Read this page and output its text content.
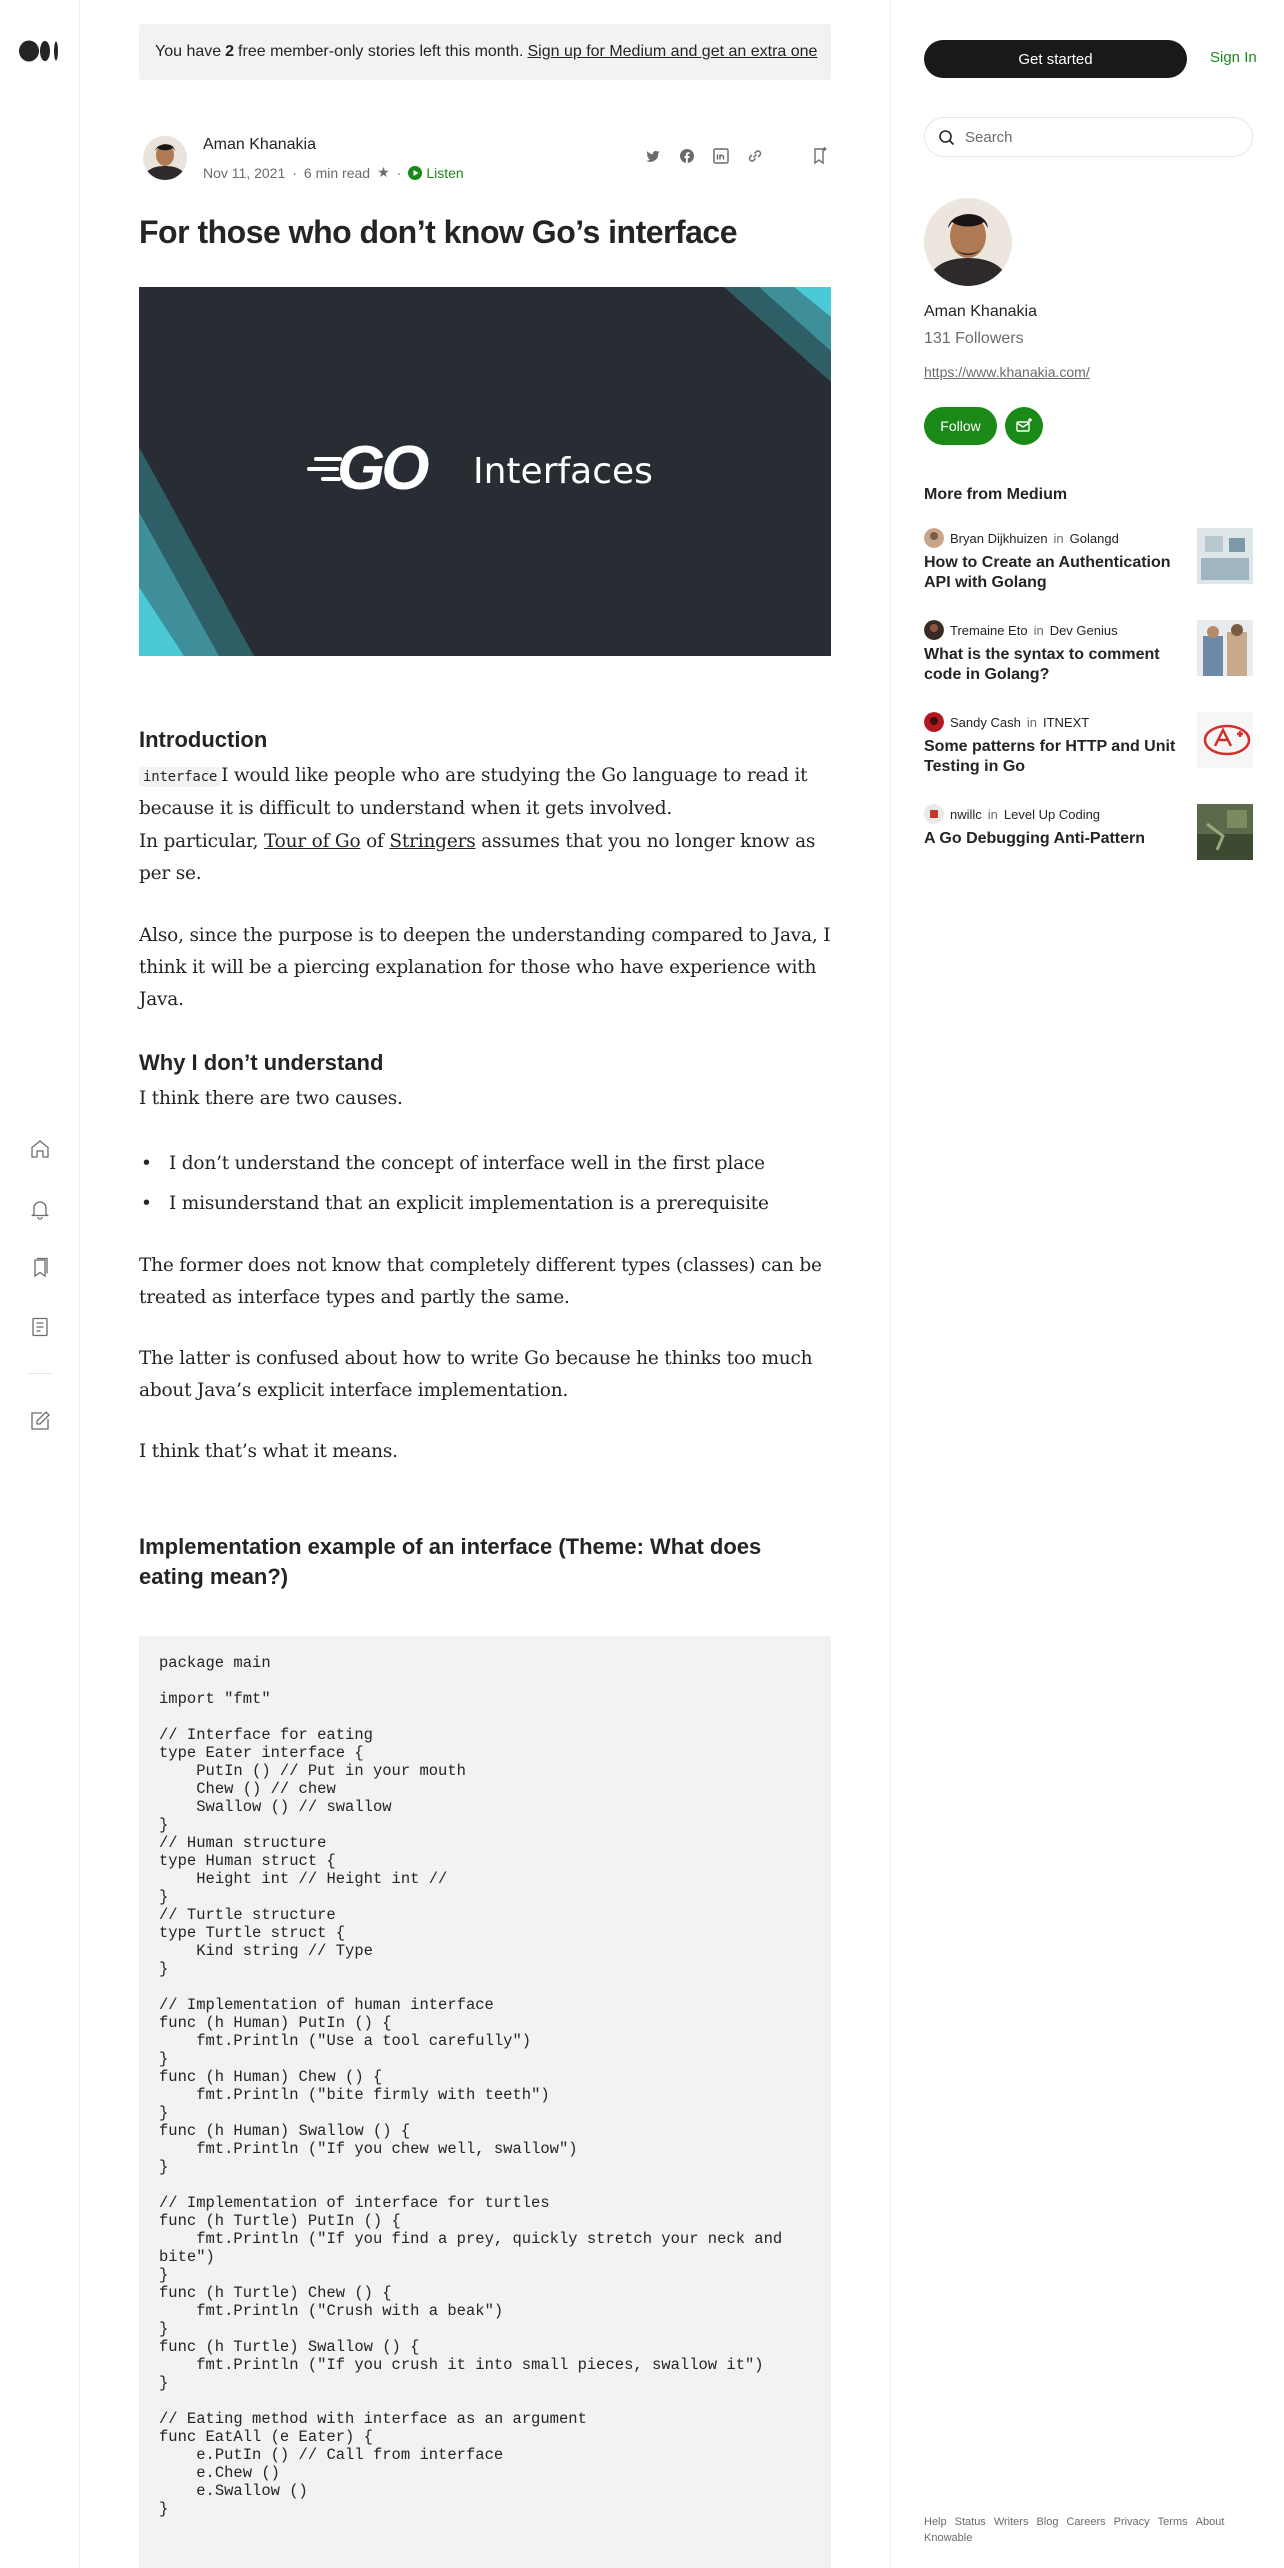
You have 2 free member-only stories left this month. Sign up for Medium and get an extra one
Aman Khanakia
Nov 11, 2021 · 6 min read ★ · Listen
For those who don’t know Go’s interface
GO Interfaces
Introduction

interface I would like people who are studying the Go language to read it because it is difficult to understand when it gets involved.

In particular, Tour of Go of Stringers assumes that you no longer know as per se.

Also, since the purpose is to deepen the understanding compared to Java, I think it will be a piercing explanation for those who have experience with Java.

Why I don’t understand

I think there are two causes.

• I don’t understand the concept of interface well in the first place
• I misunderstand that an explicit implementation is a prerequisite

The former does not know that completely different types (classes) can be treated as interface types and partly the same.

The latter is confused about how to write Go because he thinks too much about Java’s explicit interface implementation.

I think that’s what it means.

Implementation example of an interface (Theme: What does eating mean?)
package main

import "fmt"

// Interface for eating
type Eater interface {
PutIn () // Put in your mouth
Chew () // chew
Swallow () // swallow
}
// Human structure
type Human struct {
Height int // Height int //
}
// Turtle structure
type Turtle struct {
Kind string // Type
}

// Implementation of human interface
func (h Human) PutIn () {
fmt.Println ("Use a tool carefully")
}
func (h Human) Chew () {
fmt.Println ("bite firmly with teeth")
}
func (h Human) Swallow () {
fmt.Println ("If you chew well, swallow")
}

// Implementation of interface for turtles
func (h Turtle) PutIn () {
fmt.Println ("If you find a prey, quickly stretch your neck and bite")
}
func (h Turtle) Chew () {
fmt.Println ("Crush with a beak")
}
func (h Turtle) Swallow () {
fmt.Println ("If you crush it into small pieces, swallow it")
}

// Eating method with interface as an argument
func EatAll (e Eater) {
e.PutIn () // Call from interface
e.Chew ()
e.Swallow ()
}
Get started	Sign In
Search
Aman Khanakia
131 Followers
https://www.khanakia.com/
Follow
More from Medium
Bryan Dijkhuizen in Golangd
How to Create an Authentication API with Golang
Tremaine Eto in Dev Genius
What is the syntax to comment code in Golang?
Sandy Cash in ITNEXT
Some patterns for HTTP and Unit Testing in Go
nwillc in Level Up Coding
A Go Debugging Anti-Pattern
Help Status Writers Blog Careers Privacy Terms About
Knowable
